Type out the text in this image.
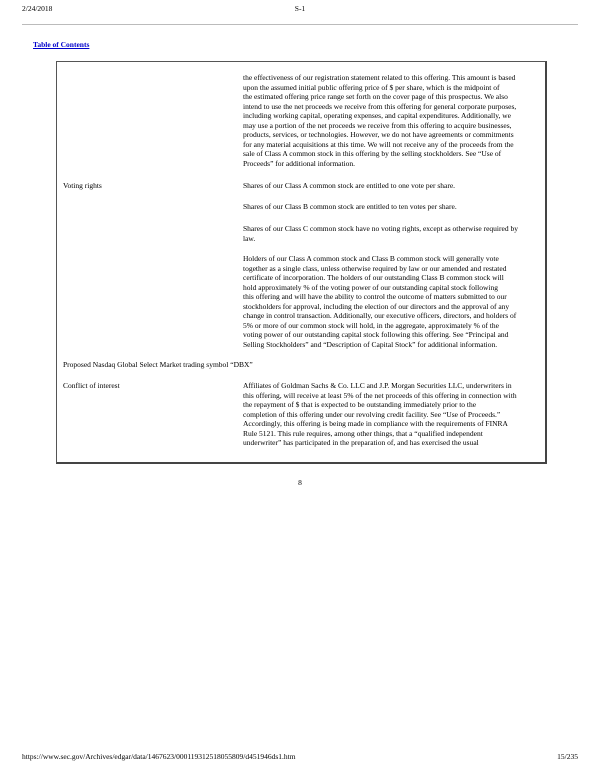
2/24/2018	S-1
Table of Contents
the effectiveness of our registration statement related to this offering. This amount is based
upon the assumed initial public offering price of $ per share, which is the midpoint of
the estimated offering price range set forth on the cover page of this prospectus. We also
intend to use the net proceeds we receive from this offering for general corporate purposes,
including working capital, operating expenses, and capital expenditures. Additionally, we
may use a portion of the net proceeds we receive from this offering to acquire businesses,
products, services, or technologies. However, we do not have agreements or commitments
for any material acquisitions at this time. We will not receive any of the proceeds from the
sale of Class A common stock in this offering by the selling stockholders. See “Use of
Proceeds” for additional information.
Voting rights	Shares of our Class A common stock are entitled to one vote per share.
Shares of our Class B common stock are entitled to ten votes per share.
Shares of our Class C common stock have no voting rights, except as otherwise required by
law.
Holders of our Class A common stock and Class B common stock will generally vote
together as a single class, unless otherwise required by law or our amended and restated
certificate of incorporation. The holders of our outstanding Class B common stock will
hold approximately % of the voting power of our outstanding capital stock following
this offering and will have the ability to control the outcome of matters submitted to our
stockholders for approval, including the election of our directors and the approval of any
change in control transaction. Additionally, our executive officers, directors, and holders of
5% or more of our common stock will hold, in the aggregate, approximately % of the
voting power of our outstanding capital stock following this offering. See “Principal and
Selling Stockholders” and “Description of Capital Stock” for additional information.
Proposed Nasdaq Global Select Market trading symbol “DBX”
Conflict of interest	Affiliates of Goldman Sachs & Co. LLC and J.P. Morgan Securities LLC, underwriters in
this offering, will receive at least 5% of the net proceeds of this offering in connection with
the repayment of $ that is expected to be outstanding immediately prior to the
completion of this offering under our revolving credit facility. See “Use of Proceeds.”
Accordingly, this offering is being made in compliance with the requirements of FINRA
Rule 5121. This rule requires, among other things, that a “qualified independent
underwriter” has participated in the preparation of, and has exercised the usual
8
https://www.sec.gov/Archives/edgar/data/1467623/000119312518055809/d451946ds1.htm	15/235
